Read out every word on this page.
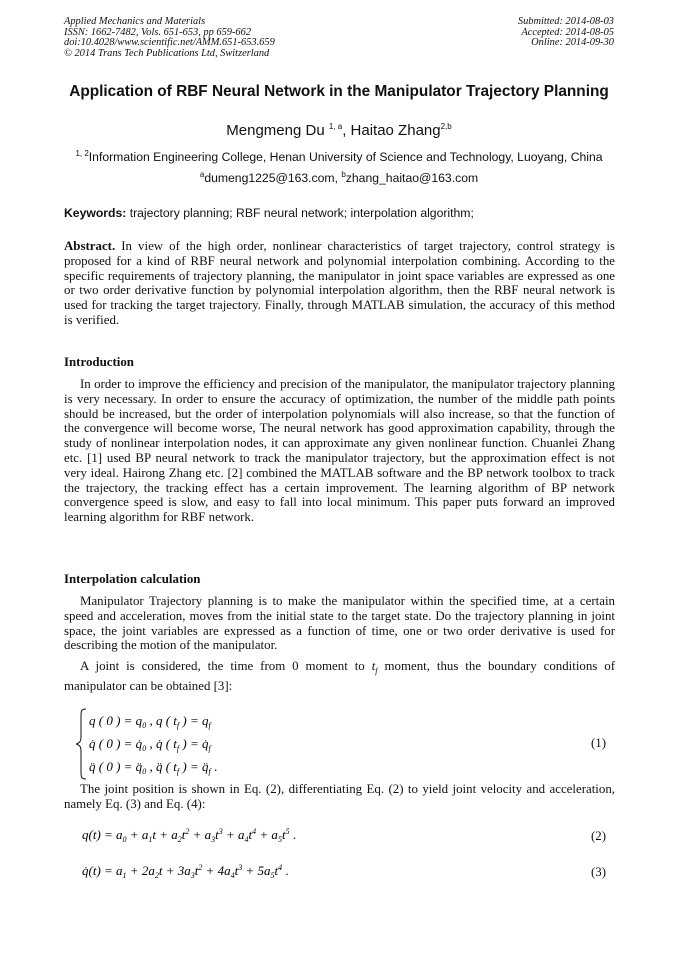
Applied Mechanics and Materials
ISSN: 1662-7482, Vols. 651-653, pp 659-662
doi:10.4028/www.scientific.net/AMM.651-653.659
© 2014 Trans Tech Publications Ltd, Switzerland
Submitted: 2014-08-03
Accepted: 2014-08-05
Online: 2014-09-30
Application of RBF Neural Network in the Manipulator Trajectory Planning
Mengmeng Du $^{1, a}$, Haitao Zhang$^{2,b}$
$^{1, 2}$Information Engineering College, Henan University of Science and Technology, Luoyang, China
$^a$dumeng1225@163.com, $^b$zhang_haitao@163.com
Keywords: trajectory planning; RBF neural network; interpolation algorithm;
Abstract. In view of the high order, nonlinear characteristics of target trajectory, control strategy is proposed for a kind of RBF neural network and polynomial interpolation combining. According to the specific requirements of trajectory planning, the manipulator in joint space variables are expressed as one or two order derivative function by polynomial interpolation algorithm, then the RBF neural network is used for tracking the target trajectory. Finally, through MATLAB simulation, the accuracy of this method is verified.
Introduction
In order to improve the efficiency and precision of the manipulator, the manipulator trajectory planning is very necessary. In order to ensure the accuracy of optimization, the number of the middle path points should be increased, but the order of interpolation polynomials will also increase, so that the function of the convergence will become worse, The neural network has good approximation capability, through the study of nonlinear interpolation nodes, it can approximate any given nonlinear function. Chuanlei Zhang etc. [1] used BP neural network to track the manipulator trajectory, but the approximation effect is not very ideal. Hairong Zhang etc. [2] combined the MATLAB software and the BP network toolbox to track the trajectory, the tracking effect has a certain improvement. The learning algorithm of BP network convergence speed is slow, and easy to fall into local minimum. This paper puts forward an improved learning algorithm for RBF network.
Interpolation calculation
Manipulator Trajectory planning is to make the manipulator within the specified time, at a certain speed and acceleration, moves from the initial state to the target state. Do the trajectory planning in joint space, the joint variables are expressed as a function of time, one or two order derivative is used for describing the motion of the manipulator.
A joint is considered, the time from 0 moment to $t_f$ moment, thus the boundary conditions of manipulator can be obtained [3]:
q ( 0 ) = $q_0$ , q ( $t_f$ ) = $q_f$
q̇ ( 0 ) = $q̇_0$ , q̇ ( $t_f$ ) = $q̇_f$
q̈ ( 0 ) = $q̈_0$ , q̈ ( $t_f$ ) = $q̈_f$ .
(1)
The joint position is shown in Eq. (2), differentiating Eq. (2) to yield joint velocity and acceleration, namely Eq. (3) and Eq. (4):
$q(t) = a_0 + a_1t + a_2t^2 + a_3t^3 + a_4t^4 + a_5t^5$ .	(2)
q̇(t) = $a_1 + 2a_2t + 3a_3t^2 + 4a_4t^3 + 5a_5t^4$ .	(3)
